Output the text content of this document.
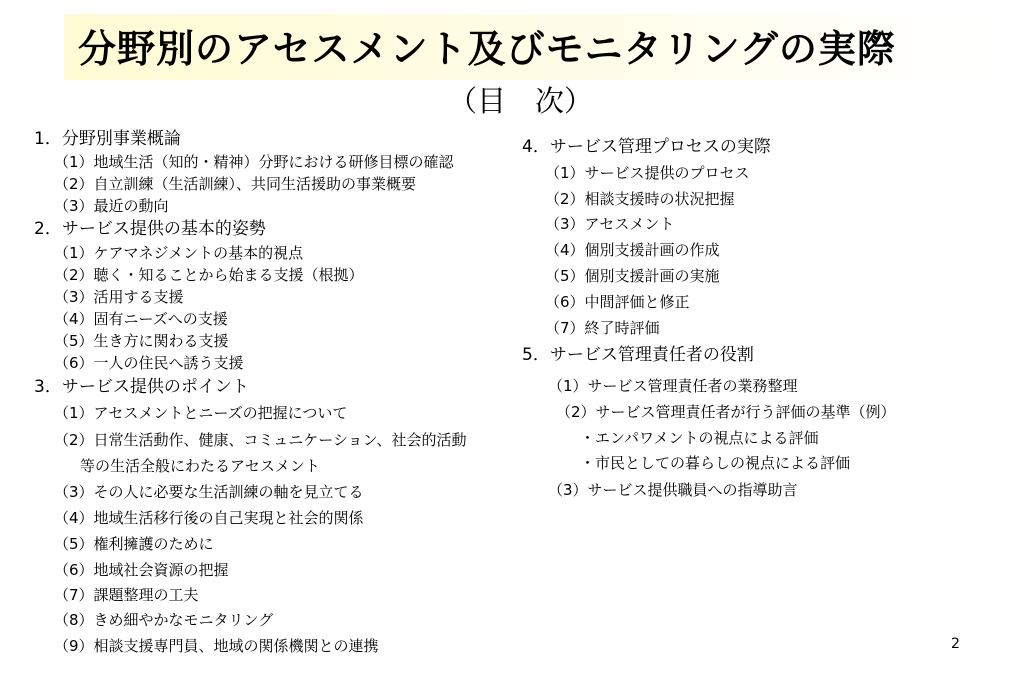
分野別のアセスメント及びモニタリングの実際
（目　次）
1．分野別事業概論
（1）地域生活（知的・精神）分野における研修目標の確認
（2）自立訓練（生活訓練）、共同生活援助の事業概要
（3）最近の動向
2．サービス提供の基本的姿勢
（1）ケアマネジメントの基本的視点
（2）聴く・知ることから始まる支援（根拠）
（3）活用する支援
（4）固有ニーズへの支援
（5）生き方に関わる支援
（6）一人の住民へ誘う支援
3．サービス提供のポイント
（1）アセスメントとニーズの把握について
（2）日常生活動作、健康、コミュニケーション、社会的活動
等の生活全般にわたるアセスメント
（3）その人に必要な生活訓練の軸を見立てる
（4）地域生活移行後の自己実現と社会的関係
（5）権利擁護のために
（6）地域社会資源の把握
（7）課題整理の工夫
（8）きめ細やかなモニタリング
（9）相談支援専門員、地域の関係機関との連携
4．サービス管理プロセスの実際
（1）サービス提供のプロセス
（2）相談支援時の状況把握
（3）アセスメント
（4）個別支援計画の作成
（5）個別支援計画の実施
（6）中間評価と修正
（7）終了時評価
5．サービス管理責任者の役割
（1）サービス管理責任者の業務整理
（2）サービス管理責任者が行う評価の基準（例）
・エンパワメントの視点による評価
・市民としての暮らしの視点による評価
（3）サービス提供職員への指導助言
2
